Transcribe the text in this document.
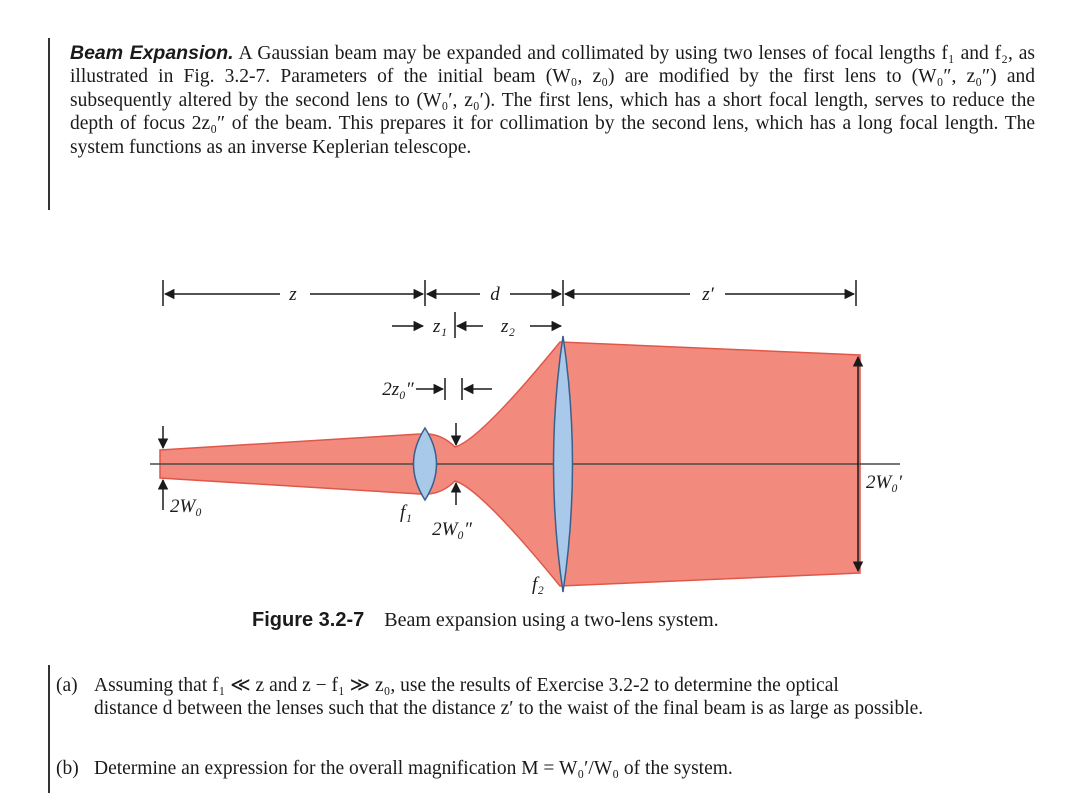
Beam Expansion. A Gaussian beam may be expanded and collimated by using two lenses of focal lengths f₁ and f₂, as illustrated in Fig. 3.2-7. Parameters of the initial beam (W₀, z₀) are modified by the first lens to (W₀″, z₀″) and subsequently altered by the second lens to (W₀′, z₀′). The first lens, which has a short focal length, serves to reduce the depth of focus 2z₀″ of the beam. This prepares it for collimation by the second lens, which has a long focal length. The system functions as an inverse Keplerian telescope.

z	d	z′
z₁	z₂
2z₀″
2W₀″
2W₀
2W₀′
f₁
f₂

Figure 3.2-7 Beam expansion using a two-lens system.

(a) Assuming that f₁ ≪ z and z − f₁ ≫ z₀, use the results of Exercise 3.2-2 to determine the optical
distance d between the lenses such that the distance z′ to the waist of the final beam is as large as possible.

(b) Determine an expression for the overall magnification M = W₀′/W₀ of the system.
